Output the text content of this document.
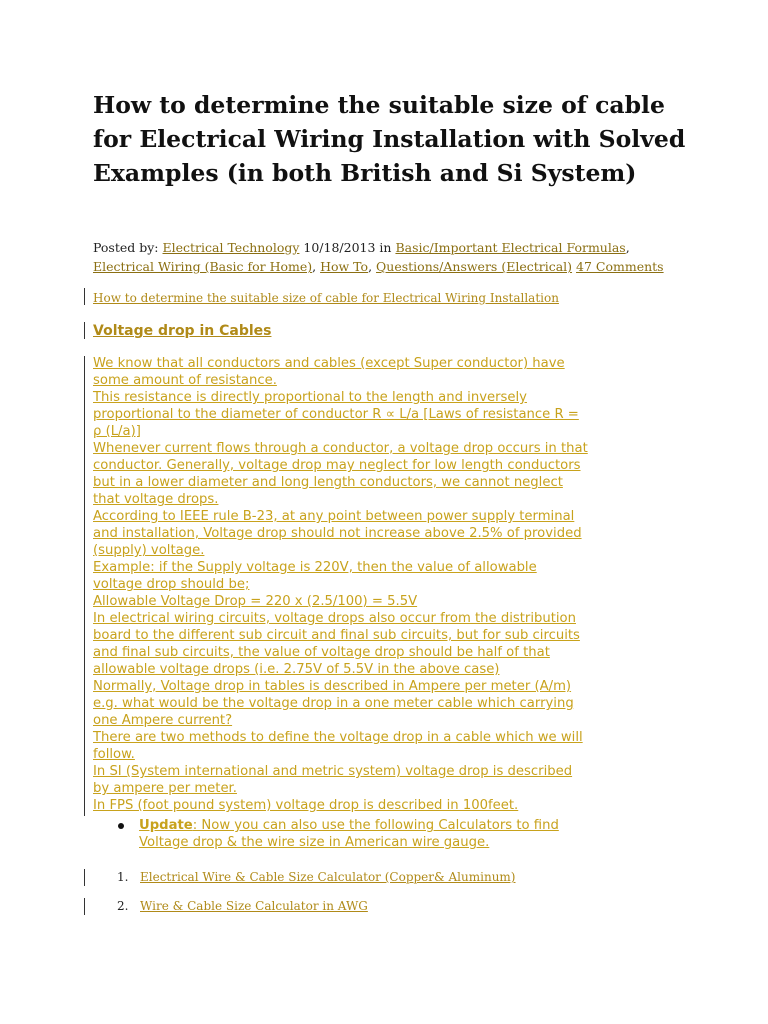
How to determine the suitable size of cable for Electrical Wiring Installation with Solved Examples (in both British and Si System)
Posted by: Electrical Technology 10/18/2013 in Basic/Important Electrical Formulas,
Electrical Wiring (Basic for Home), How To, Questions/Answers (Electrical) 47 Comments
How to determine the suitable size of cable for Electrical Wiring Installation
Voltage drop in Cables
We know that all conductors and cables (except Super conductor) have
some amount of resistance.
This resistance is directly proportional to the length and inversely
proportional to the diameter of conductor R ∝ L/a [Laws of resistance R =
ρ (L/a)]
Whenever current flows through a conductor, a voltage drop occurs in that
conductor. Generally, voltage drop may neglect for low length conductors
but in a lower diameter and long length conductors, we cannot neglect
that voltage drops.
According to IEEE rule B-23, at any point between power supply terminal
and installation, Voltage drop should not increase above 2.5% of provided
(supply) voltage.
Example: if the Supply voltage is 220V, then the value of allowable
voltage drop should be;
Allowable Voltage Drop = 220 x (2.5/100) = 5.5V
In electrical wiring circuits, voltage drops also occur from the distribution
board to the different sub circuit and final sub circuits, but for sub circuits
and final sub circuits, the value of voltage drop should be half of that
allowable voltage drops (i.e. 2.75V of 5.5V in the above case)
Normally, Voltage drop in tables is described in Ampere per meter (A/m)
e.g. what would be the voltage drop in a one meter cable which carrying
one Ampere current?
There are two methods to define the voltage drop in a cable which we will
follow.
In SI (System international and metric system) voltage drop is described
by ampere per meter.
In FPS (foot pound system) voltage drop is described in 100feet.
Update: Now you can also use the following Calculators to find
Voltage drop & the wire size in American wire gauge.
1. Electrical Wire & Cable Size Calculator (Copper& Aluminum)
2. Wire & Cable Size Calculator in AWG
